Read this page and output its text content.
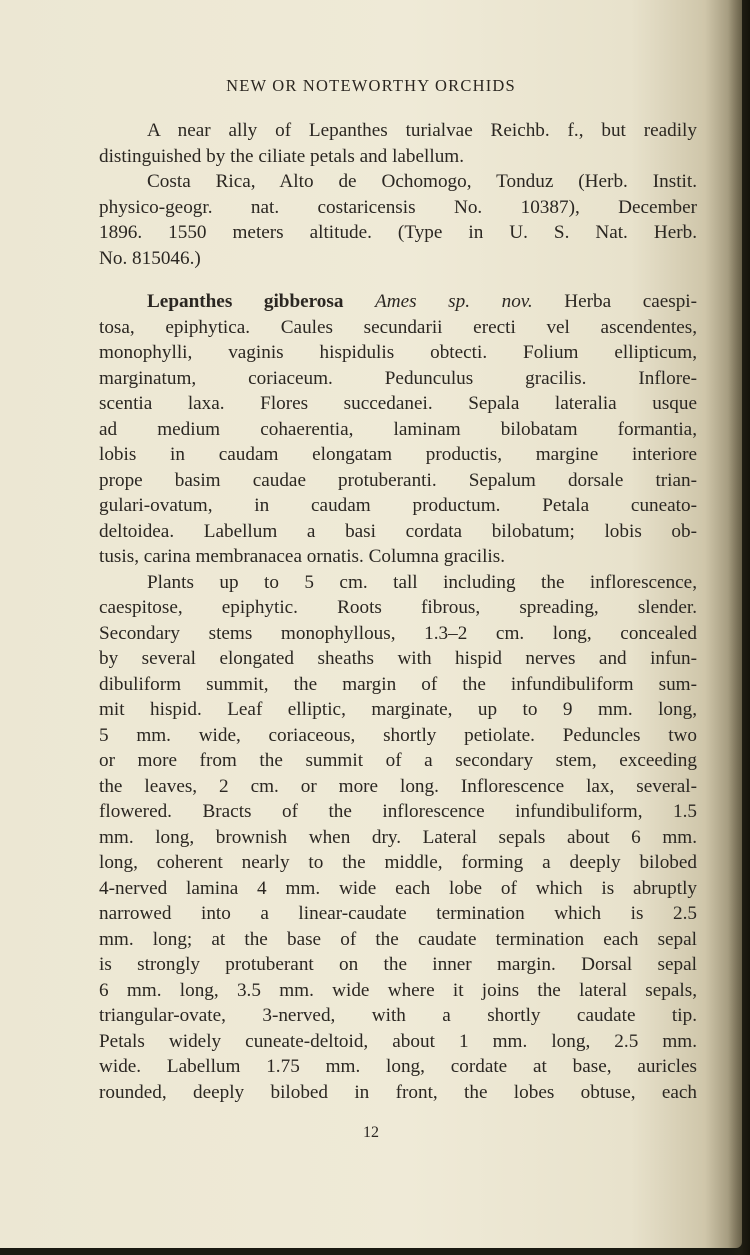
NEW OR NOTEWORTHY ORCHIDS

A near ally of Lepanthes turialvae Reichb. f., but readily
distinguished by the ciliate petals and labellum.

Costa Rica, Alto de Ochomogo, Tonduz (Herb. Instit.
physico-geogr. nat. costaricensis No. 10387), December
1896. 1550 meters altitude. (Type in U. S. Nat. Herb.
No. 815046.)

Lepanthes gibberosa Ames sp. nov. Herba caespi-
tosa, epiphytica. Caules secundarii erecti vel ascendentes,
monophylli, vaginis hispidulis obtecti. Folium ellipticum,
marginatum, coriaceum. Pedunculus gracilis. Inflore-
scentia laxa. Flores succedanei. Sepala lateralia usque
ad medium cohaerentia, laminam bilobatam formantia,
lobis in caudam elongatam productis, margine interiore
prope basim caudae protuberanti. Sepalum dorsale trian-
gulari-ovatum, in caudam productum. Petala cuneato-
deltoidea. Labellum a basi cordata bilobatum; lobis ob-
tusis, carina membranacea ornatis. Columna gracilis.

Plants up to 5 cm. tall including the inflorescence,
caespitose, epiphytic. Roots fibrous, spreading, slender.
Secondary stems monophyllous, 1.3–2 cm. long, concealed
by several elongated sheaths with hispid nerves and infun-
dibuliform summit, the margin of the infundibuliform sum-
mit hispid. Leaf elliptic, marginate, up to 9 mm. long,
5 mm. wide, coriaceous, shortly petiolate. Peduncles two
or more from the summit of a secondary stem, exceeding
the leaves, 2 cm. or more long. Inflorescence lax, several-
flowered. Bracts of the inflorescence infundibuliform, 1.5
mm. long, brownish when dry. Lateral sepals about 6 mm.
long, coherent nearly to the middle, forming a deeply bilobed
4-nerved lamina 4 mm. wide each lobe of which is abruptly
narrowed into a linear-caudate termination which is 2.5
mm. long; at the base of the caudate termination each sepal
is strongly protuberant on the inner margin. Dorsal sepal
6 mm. long, 3.5 mm. wide where it joins the lateral sepals,
triangular-ovate, 3-nerved, with a shortly caudate tip.
Petals widely cuneate-deltoid, about 1 mm. long, 2.5 mm.
wide. Labellum 1.75 mm. long, cordate at base, auricles
rounded, deeply bilobed in front, the lobes obtuse, each

12
